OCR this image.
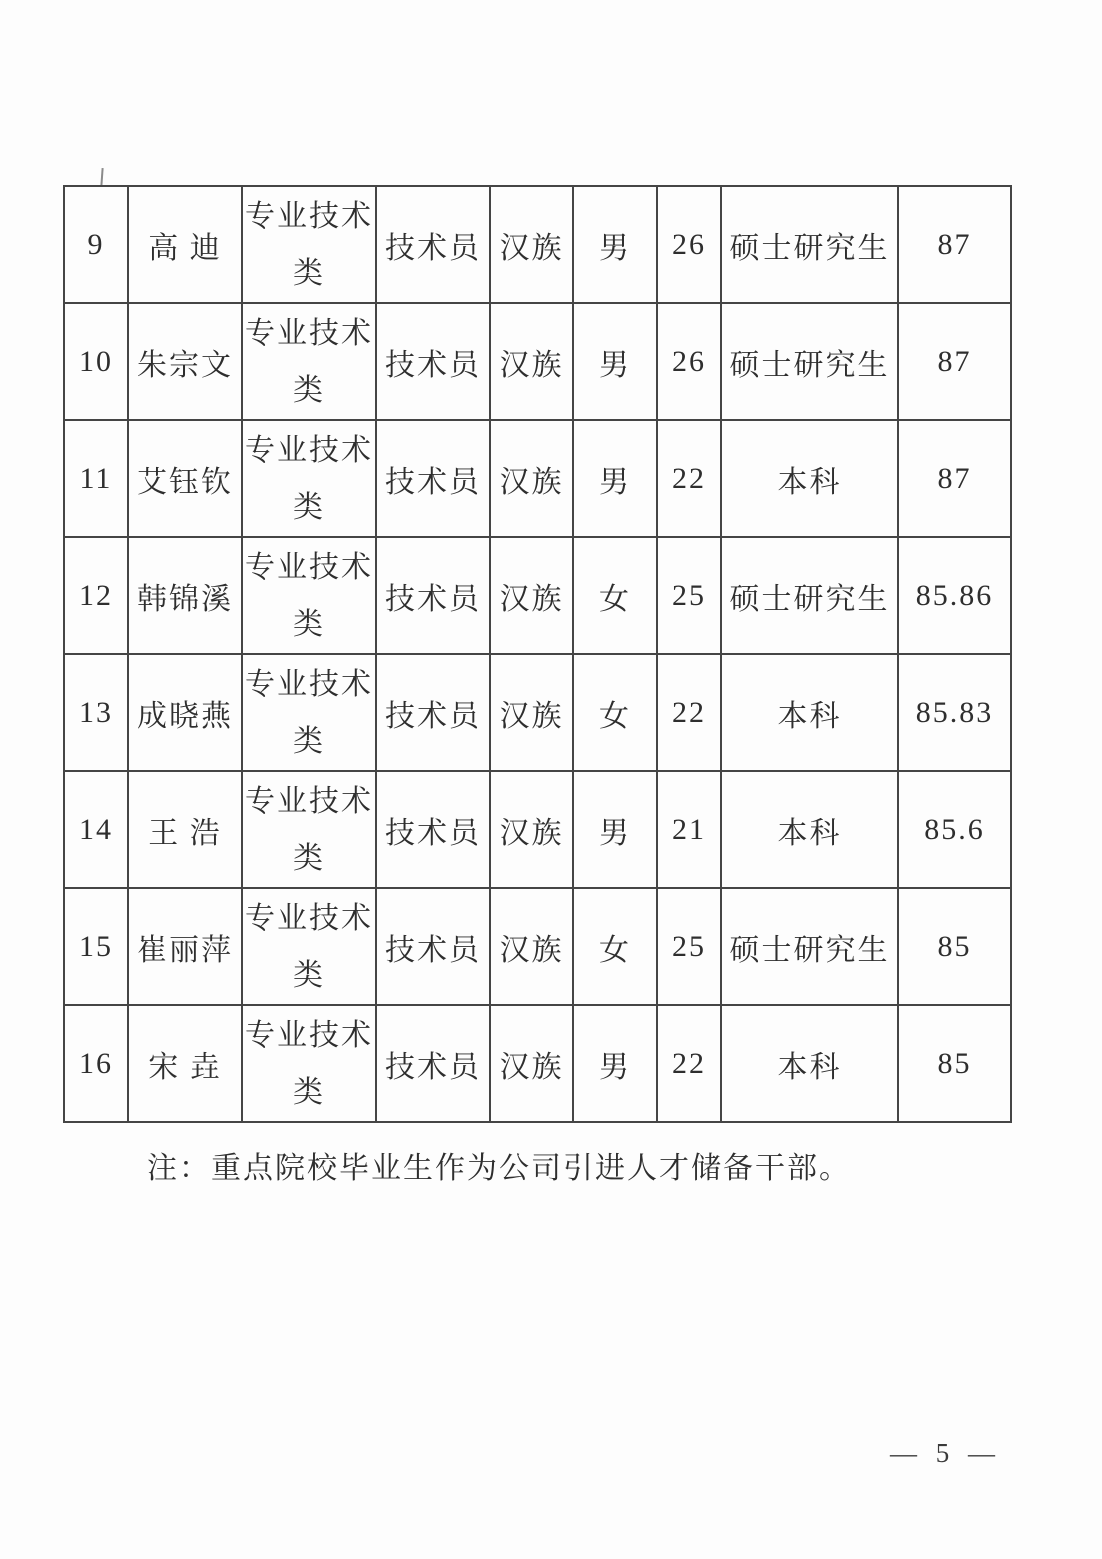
9	高 迪	专业技术类	技术员	汉族	男	26	硕士研究生	87
10	朱宗文	专业技术类	技术员	汉族	男	26	硕士研究生	87
11	艾钰钦	专业技术类	技术员	汉族	男	22	本科	87
12	韩锦溪	专业技术类	技术员	汉族	女	25	硕士研究生	85.86
13	成晓燕	专业技术类	技术员	汉族	女	22	本科	85.83
14	王 浩	专业技术类	技术员	汉族	男	21	本科	85.6
15	崔丽萍	专业技术类	技术员	汉族	女	25	硕士研究生	85
16	宋 垚	专业技术类	技术员	汉族	男	22	本科	85
注：重点院校毕业生作为公司引进人才储备干部。
— 5 —
